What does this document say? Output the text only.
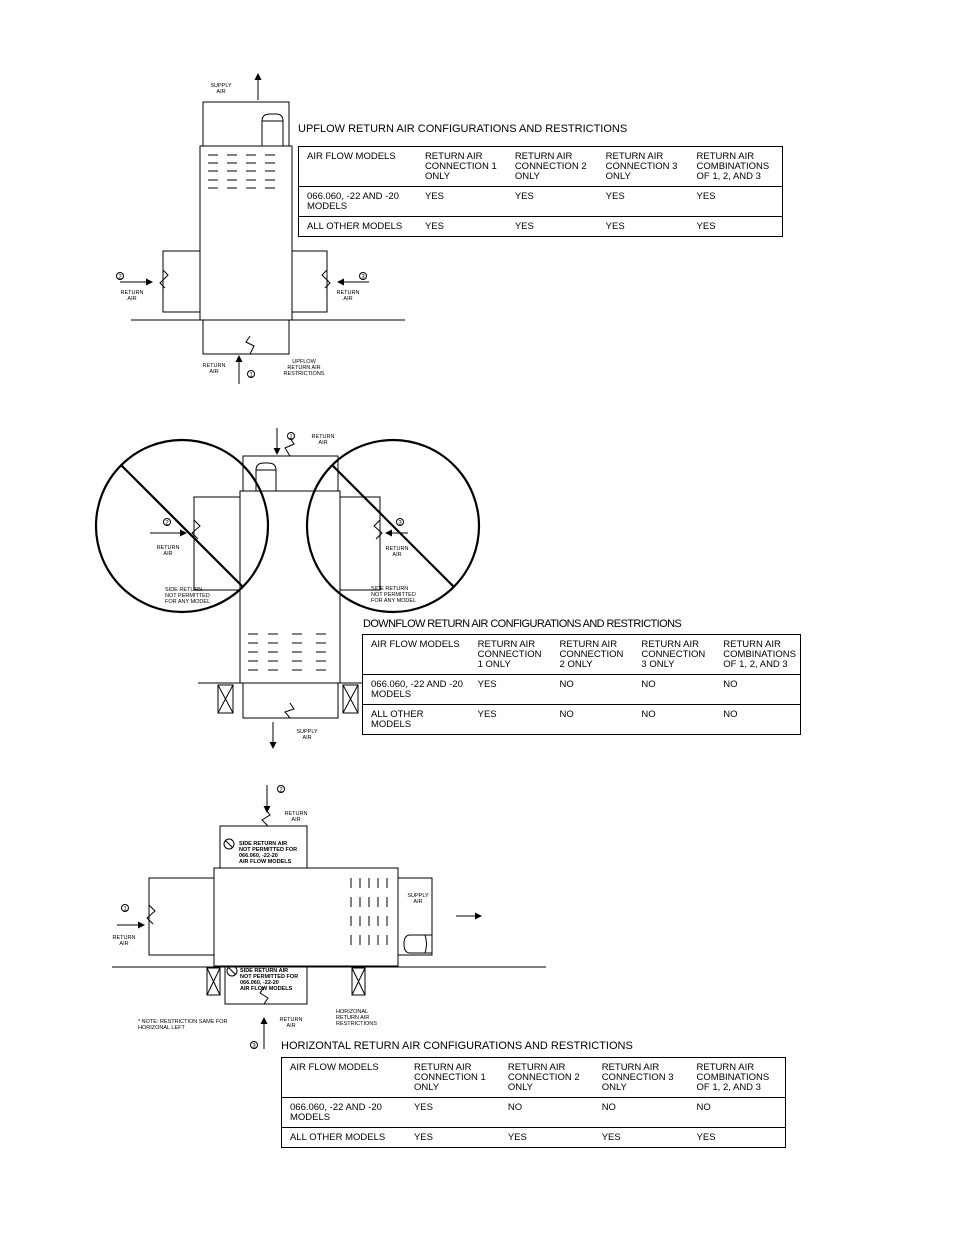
SUPPLY
AIR
2
RETURN
AIR
3
RETURN
AIR
RETURN
AIR
1
UPFLOW
RETURN AIR
RESTRICTIONS
1	RETURN
AIR
2
RETURN
AIR
SIDE RETURN
NOT PERMITTED
FOR ANY MODEL
3
RETURN
AIR
SIDE RETURN
NOT PERMITTED
FOR ANY MODEL
SUPPLY
AIR
2
RETURN
AIR
SIDE RETURN AIR
NOT PERMITTED FOR
066.060, -22-20
AIR FLOW MODELS
1
RETURN
AIR
SUPPLY
AIR
SIDE RETURN AIR
NOT PERMITTED FOR
066.060, -22-20
AIR FLOW MODELS
* NOTE: RESTRICTION SAME FOR
HORIZONAL LEFT
RETURN
AIR
HORIZONAL
RETURN AIR
RESTRICTIONS
3
UPFLOW RETURN AIR CONFIGURATIONS AND RESTRICTIONS
AIR FLOW MODELS	RETURN AIR CONNECTION 1 ONLY	RETURN AIR CONNECTION 2 ONLY	RETURN AIR CONNECTION 3 ONLY	RETURN AIR COMBINATIONS OF 1, 2, AND 3
066.060, -22 AND -20 MODELS	YES	YES	YES	YES
ALL OTHER MODELS	YES	YES	YES	YES
DOWNFLOW RETURN AIR CONFIGURATIONS AND RESTRICTIONS
AIR FLOW MODELS	RETURN AIR CONNECTION 1 ONLY	RETURN AIR CONNECTION 2 ONLY	RETURN AIR CONNECTION 3 ONLY	RETURN AIR COMBINATIONS OF 1, 2, AND 3
066.060, -22 AND -20 MODELS	YES	NO	NO	NO
ALL OTHER MODELS	YES	NO	NO	NO
HORIZONTAL RETURN AIR CONFIGURATIONS AND RESTRICTIONS
AIR FLOW MODELS	RETURN AIR CONNECTION 1 ONLY	RETURN AIR CONNECTION 2 ONLY	RETURN AIR CONNECTION 3 ONLY	RETURN AIR COMBINATIONS OF 1, 2, AND 3
066.060, -22 AND -20 MODELS	YES	NO	NO	NO
ALL OTHER MODELS	YES	YES	YES	YES
